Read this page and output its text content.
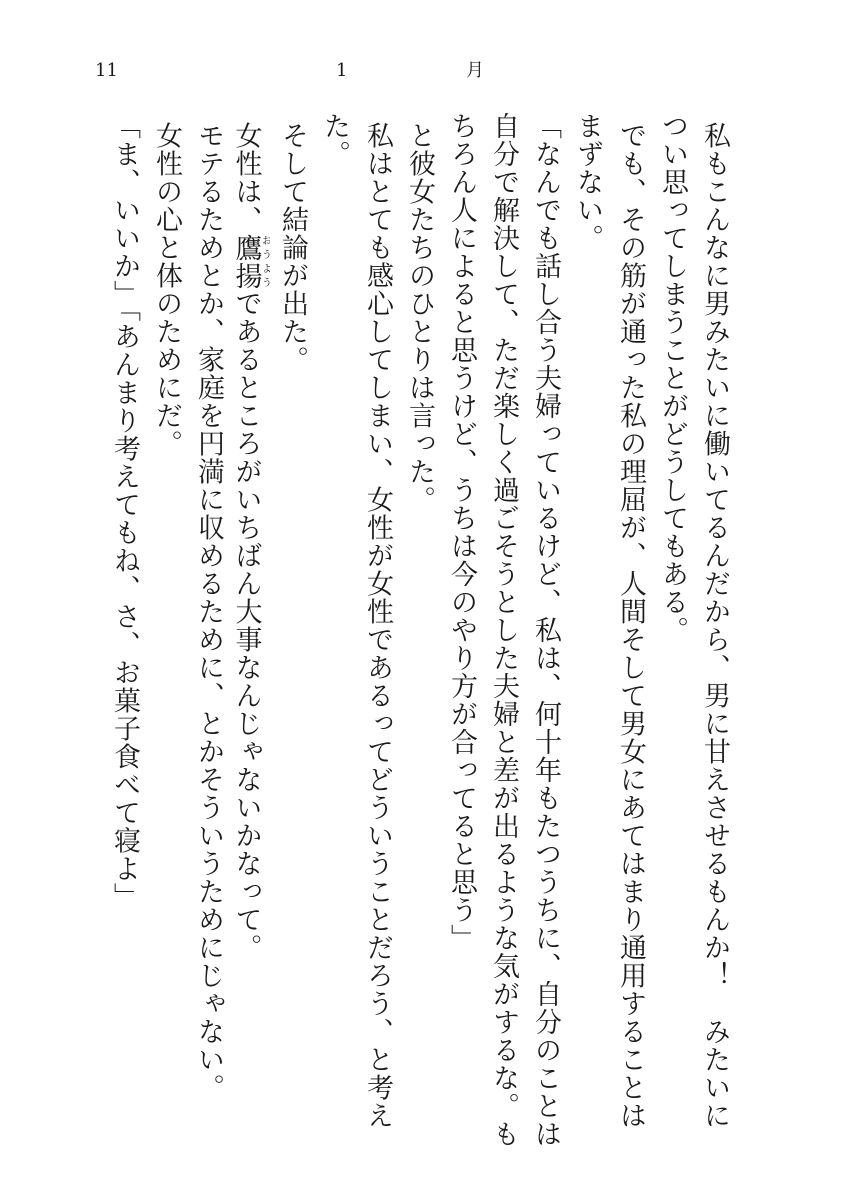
11	1	月
私もこんなに男みたいに働いてるんだから、男に甘えさせるもんか！　みたいに
つい思ってしまうことがどうしてもある。
でも、その筋が通った私の理屈が、人間そして男女にあてはまり通用することは
まずない。
「なんでも話し合う夫婦っているけど、私は、何十年もたつうちに、自分のことは
自分で解決して、ただ楽しく過ごそうとした夫婦と差が出るような気がするな。も
ちろん人によると思うけど、うちは今のやり方が合ってると思う」
と彼女たちのひとりは言った。
私はとても感心してしまい、女性が女性であるってどういうことだろう、と考え
た。
そして結論が出た。
女性は、鷹揚おうようであるところがいちばん大事なんじゃないかなって。
モテるためとか、家庭を円満に収めるために、とかそういうためにじゃない。
女性の心と体のためにだ。
「ま、いいか」「あんまり考えてもね、さ、お菓子食べて寝よ」
